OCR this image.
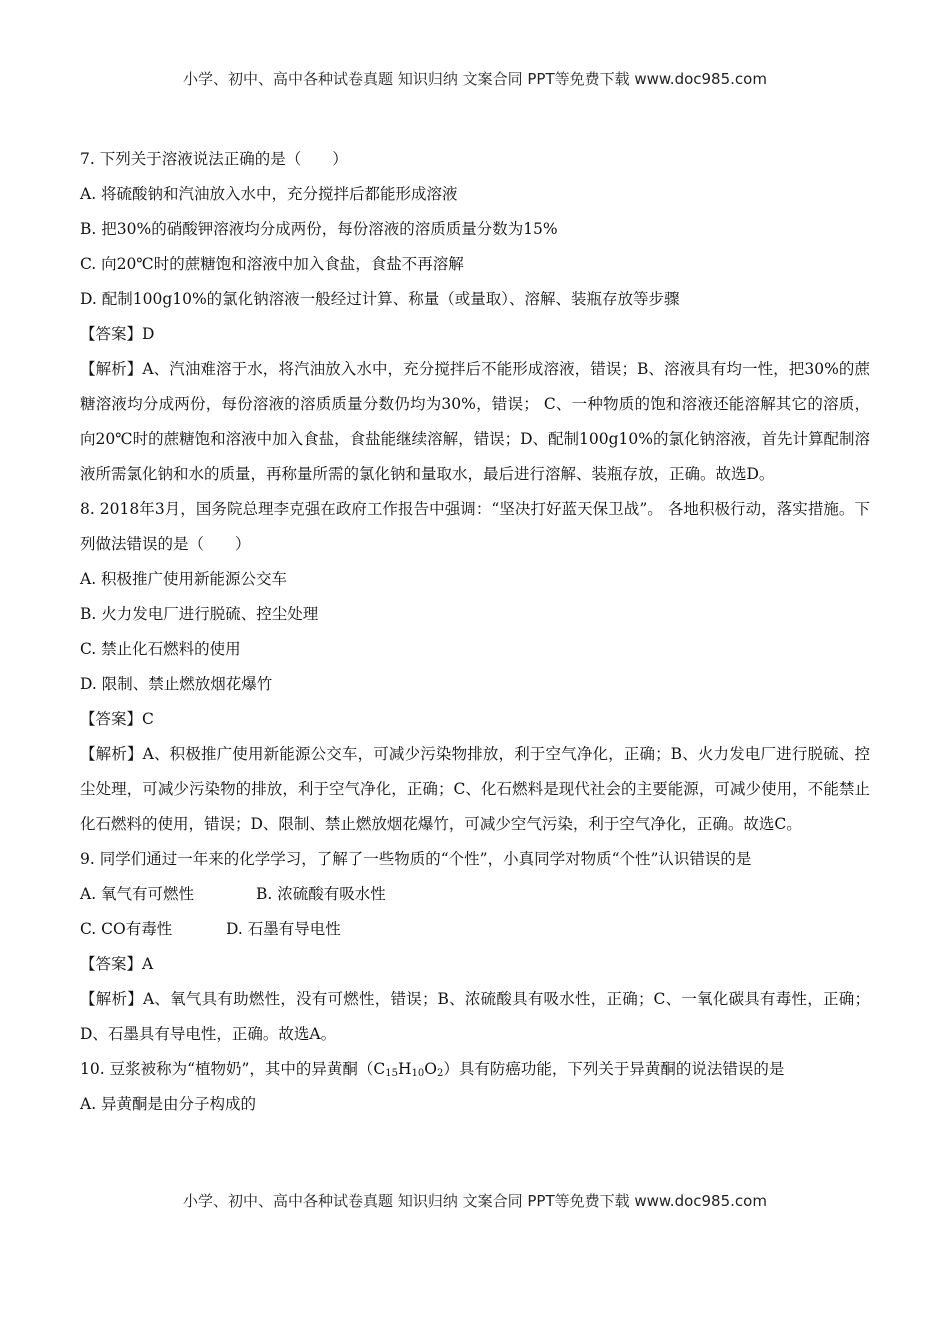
小学、初中、高中各种试卷真题 知识归纳 文案合同 PPT等免费下载 www.doc985.com
7. 下列关于溶液说法正确的是（　　）
A. 将硫酸钠和汽油放入水中，充分搅拌后都能形成溶液
B. 把30%的硝酸钾溶液均分成两份，每份溶液的溶质质量分数为15%
C. 向20℃时的蔗糖饱和溶液中加入食盐，食盐不再溶解
D. 配制100g10%的氯化钠溶液一般经过计算、称量（或量取）、溶解、装瓶存放等步骤
【答案】D

【解析】A、汽油难溶于水，将汽油放入水中，充分搅拌后不能形成溶液，错误；B、溶液具有均一性，把30%的蔗糖溶液均分成两份，每份溶液的溶质质量分数仍均为30%，错误； C、一种物质的饱和溶液还能溶解其它的溶质，向20℃时的蔗糖饱和溶液中加入食盐，食盐能继续溶解，错误；D、配制100g10%的氯化钠溶液，首先计算配制溶液所需氯化钠和水的质量，再称量所需的氯化钠和量取水，最后进行溶解、装瓶存放，正确。故选D。

8. 2018年3月，国务院总理李克强在政府工作报告中强调：“坚决打好蓝天保卫战”。 各地积极行动，落实措施。下列做法错误的是（　　）

A. 积极推广使用新能源公交车
B. 火力发电厂进行脱硫、控尘处理
C. 禁止化石燃料的使用
D. 限制、禁止燃放烟花爆竹
【答案】C

【解析】A、积极推广使用新能源公交车，可减少污染物排放，利于空气净化，正确；B、火力发电厂进行脱硫、控尘处理，可减少污染物的排放，利于空气净化，正确；C、化石燃料是现代社会的主要能源，可减少使用，不能禁止化石燃料的使用，错误；D、限制、禁止燃放烟花爆竹，可减少空气污染，利于空气净化，正确。故选C。

9. 同学们通过一年来的化学学习，了解了一些物质的“个性”，小真同学对物质“个性”认识错误的是
A. 氧气有可燃性	B. 浓硫酸有吸水性
C. CO有毒性	D. 石墨有导电性
【答案】A

【解析】A、氧气具有助燃性，没有可燃性，错误；B、浓硫酸具有吸水性，正确；C、一氧化碳具有毒性，正确；D、石墨具有导电性，正确。故选A。

10. 豆浆被称为“植物奶”，其中的异黄酮$(C_{15}H_{10}O_2)$具有防癌功能，下列关于异黄酮的说法错误的是
A. 异黄酮是由分子构成的
小学、初中、高中各种试卷真题 知识归纳 文案合同 PPT等免费下载 www.doc985.com
